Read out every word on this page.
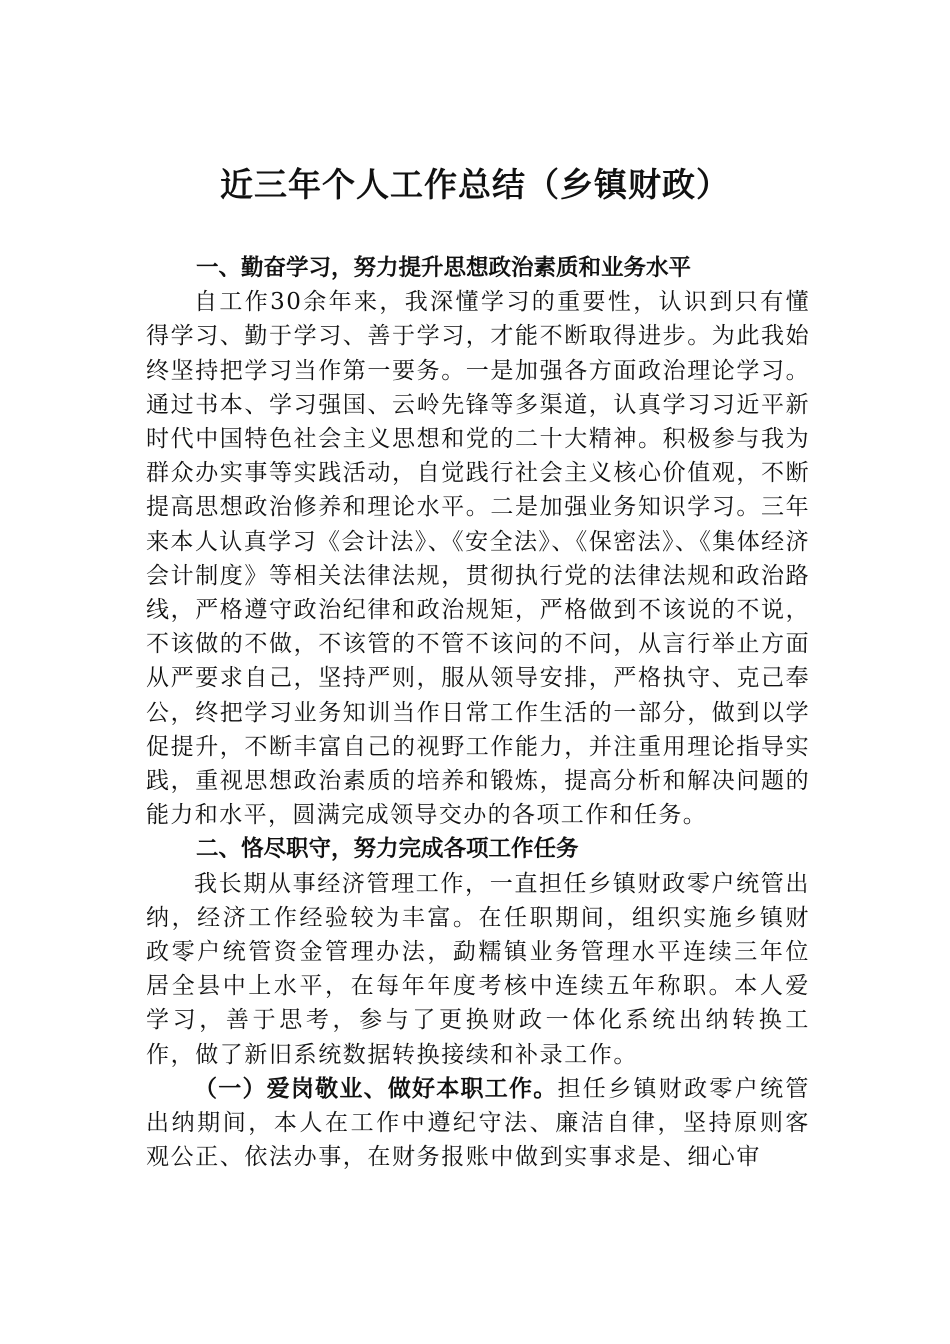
近三年个人工作总结（乡镇财政）

一、勤奋学习，努力提升思想政治素质和业务水平

自工作30余年来，我深懂学习的重要性，认识到只有懂得学习、勤于学习、善于学习，才能不断取得进步。为此我始终坚持把学习当作第一要务。一是加强各方面政治理论学习。通过书本、学习强国、云岭先锋等多渠道，认真学习习近平新时代中国特色社会主义思想和党的二十大精神。积极参与我为群众办实事等实践活动，自觉践行社会主义核心价值观，不断提高思想政治修养和理论水平。二是加强业务知识学习。三年来本人认真学习《会计法》、《安全法》、《保密法》、《集体经济会计制度》等相关法律法规，贯彻执行党的法律法规和政治路线，严格遵守政治纪律和政治规矩，严格做到不该说的不说，不该做的不做，不该管的不管不该问的不问，从言行举止方面从严要求自己，坚持严则，服从领导安排，严格执守、克己奉公，终把学习业务知训当作日常工作生活的一部分，做到以学促提升，不断丰富自己的视野工作能力，并注重用理论指导实践，重视思想政治素质的培养和锻炼，提高分析和解决问题的能力和水平，圆满完成领导交办的各项工作和任务。

二、恪尽职守，努力完成各项工作任务

我长期从事经济管理工作，一直担任乡镇财政零户统管出纳，经济工作经验较为丰富。在任职期间，组织实施乡镇财政零户统管资金管理办法，勐糯镇业务管理水平连续三年位居全县中上水平，在每年年度考核中连续五年称职。本人爱学习，善于思考，参与了更换财政一体化系统出纳转换工作，做了新旧系统数据转换接续和补录工作。

（一）爱岗敬业、做好本职工作。担任乡镇财政零户统管出纳期间，本人在工作中遵纪守法、廉洁自律，坚持原则客观公正、依法办事，在财务报账中做到实事求是、细心审
